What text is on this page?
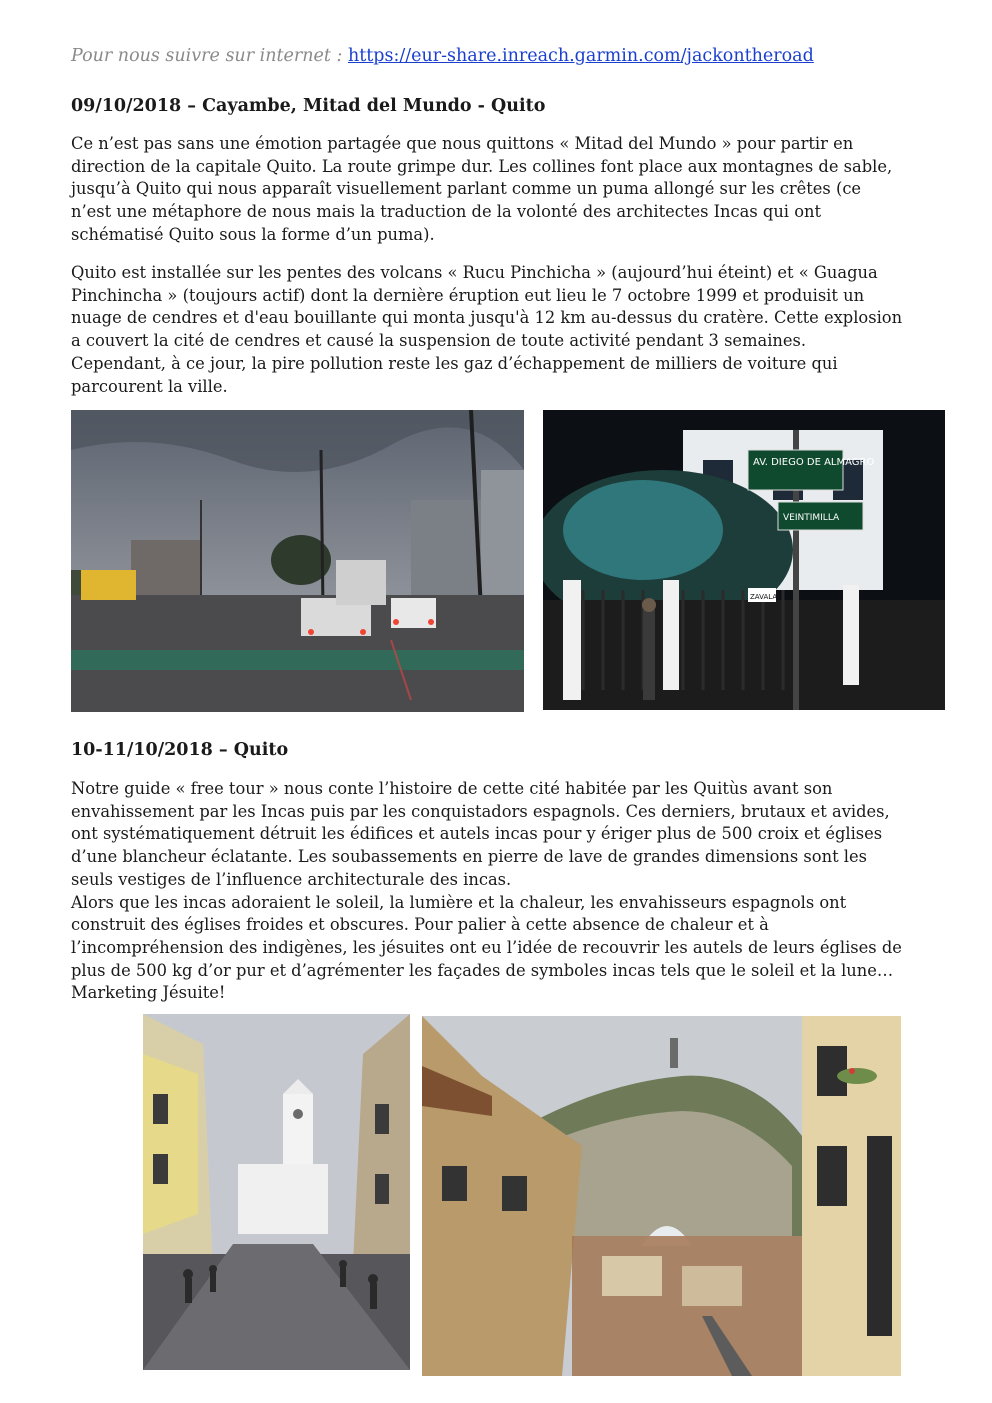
Pour nous suivre sur internet : https://eur-share.inreach.garmin.com/jackontheroad
09/10/2018 – Cayambe, Mitad del Mundo - Quito
Ce n’est pas sans une émotion partagée que nous quittons « Mitad del Mundo » pour partir en
direction de la capitale Quito. La route grimpe dur. Les collines font place aux montagnes de sable,
jusqu’à Quito qui nous apparaît visuellement parlant comme un puma allongé sur les crêtes (ce
n’est une métaphore de nous mais la traduction de la volonté des architectes Incas qui ont
schématisé Quito sous la forme d’un puma).
Quito est installée sur les pentes des volcans « Rucu Pinchicha » (aujourd’hui éteint) et « Guagua
Pinchincha » (toujours actif) dont la dernière éruption eut lieu le 7 octobre 1999 et produisit un
nuage de cendres et d'eau bouillante qui monta jusqu'à 12 km au-dessus du cratère. Cette explosion
a couvert la cité de cendres et causé la suspension de toute activité pendant 3 semaines.
Cependant, à ce jour, la pire pollution reste les gaz d’échappement de milliers de voiture qui
parcourent la ville.
AV. DIEGO DE ALMAGRO
VEINTIMILLA
ZAVALA
10-11/10/2018 – Quito
Notre guide « free tour » nous conte l’histoire de cette cité habitée par les Quitùs avant son
envahissement par les Incas puis par les conquistadors espagnols. Ces derniers, brutaux et avides,
ont systématiquement détruit les édifices et autels incas pour y ériger plus de 500 croix et églises
d’une blancheur éclatante. Les soubassements en pierre de lave de grandes dimensions sont les
seuls vestiges de l’influence architecturale des incas.
Alors que les incas adoraient le soleil, la lumière et la chaleur, les envahisseurs espagnols ont
construit des églises froides et obscures. Pour palier à cette absence de chaleur et à
l’incompréhension des indigènes, les jésuites ont eu l’idée de recouvrir les autels de leurs églises de
plus de 500 kg d’or pur et d’agrémenter les façades de symboles incas tels que le soleil et la lune…
Marketing Jésuite!
